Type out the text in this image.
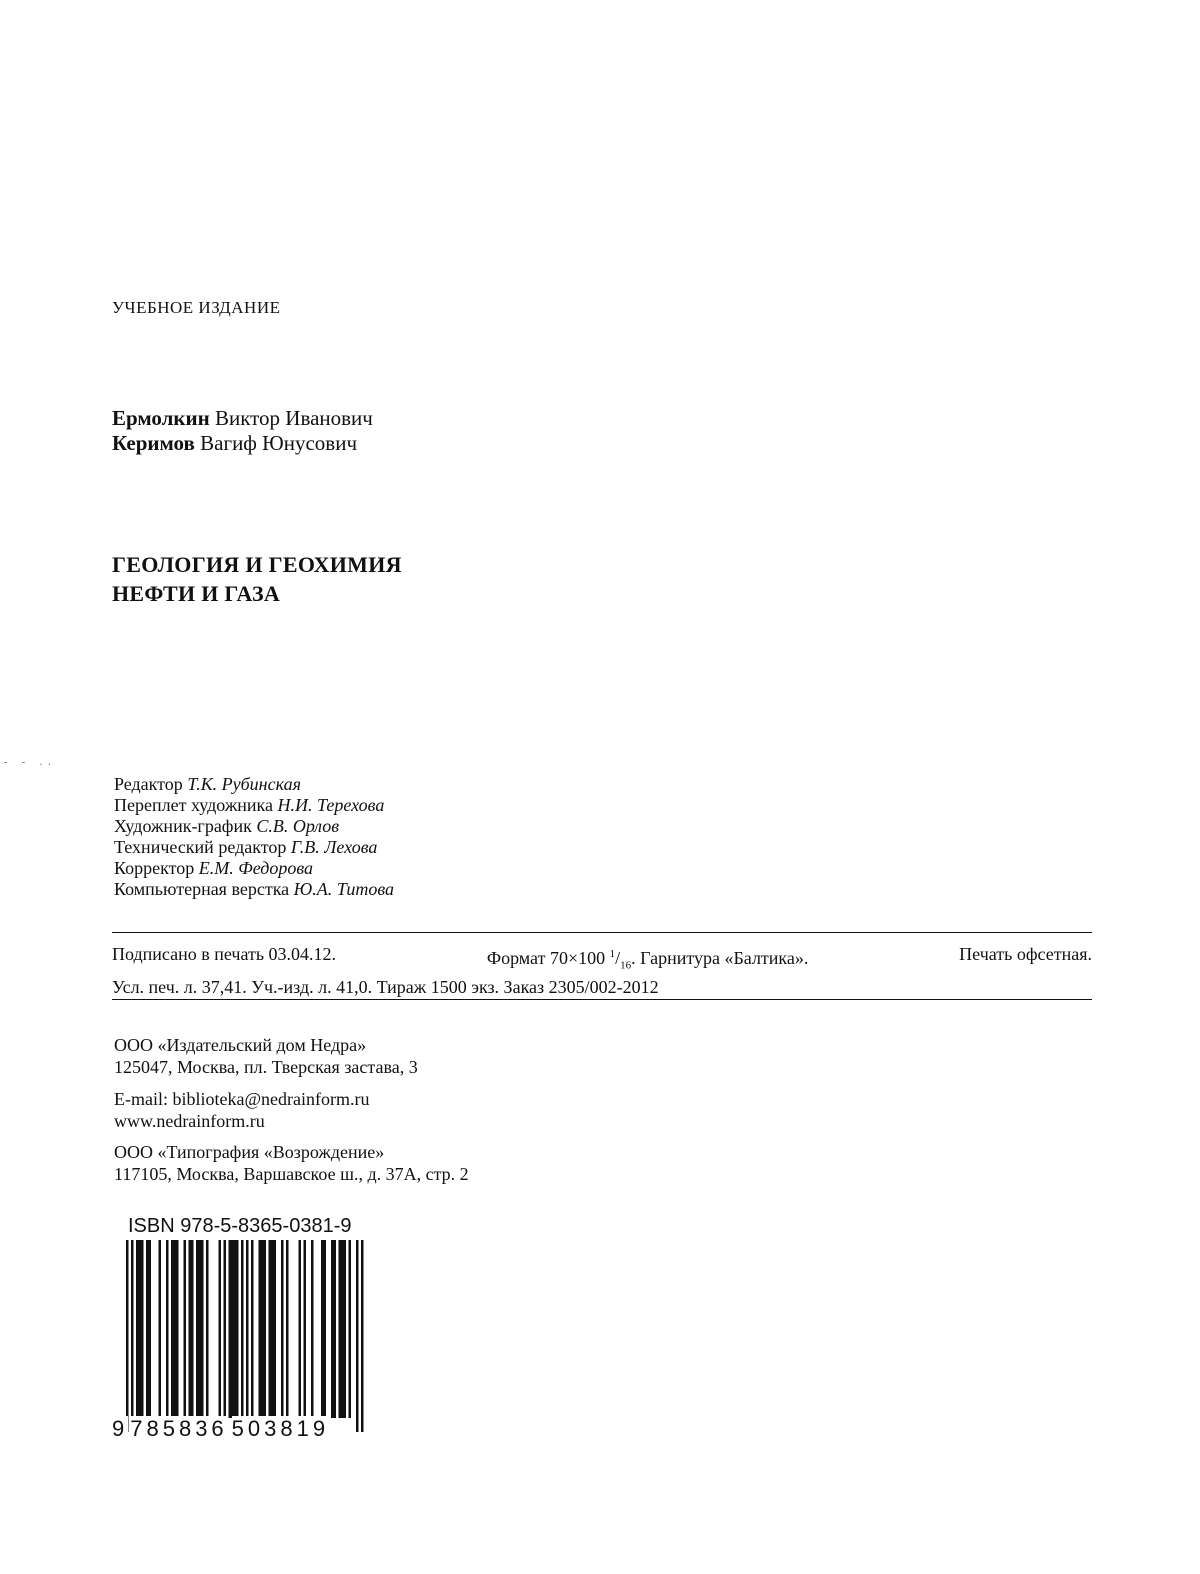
- - ..
УЧЕБНОЕ ИЗДАНИЕ
Ермолкин Виктор Иванович
Керимов Вагиф Юнусович
ГЕОЛОГИЯ И ГЕОХИМИЯ
НЕФТИ И ГАЗА
Редактор Т.К. Рубинская
Переплет художника Н.И. Терехова
Художник-график С.В. Орлов
Технический редактор Г.В. Лехова
Корректор Е.М. Федорова
Компьютерная верстка Ю.А. Титова
Подписано в печать 03.04.12.	Формат 70×100 $^1/_{16}$. Гарнитура «Балтика».	Печать офсетная.
Усл. печ. л. 37,41. Уч.-изд. л. 41,0. Тираж 1500 экз. Заказ 2305/002-2012
ООО «Издательский дом Недра»
125047, Москва, пл. Тверская застава, 3
E-mail: biblioteka@nedrainform.ru
www.nedrainform.ru
ООО «Типография «Возрождение»
117105, Москва, Варшавское ш., д. 37А, стр. 2
ISBN 978-5-8365-0381-9
9785836 503819
